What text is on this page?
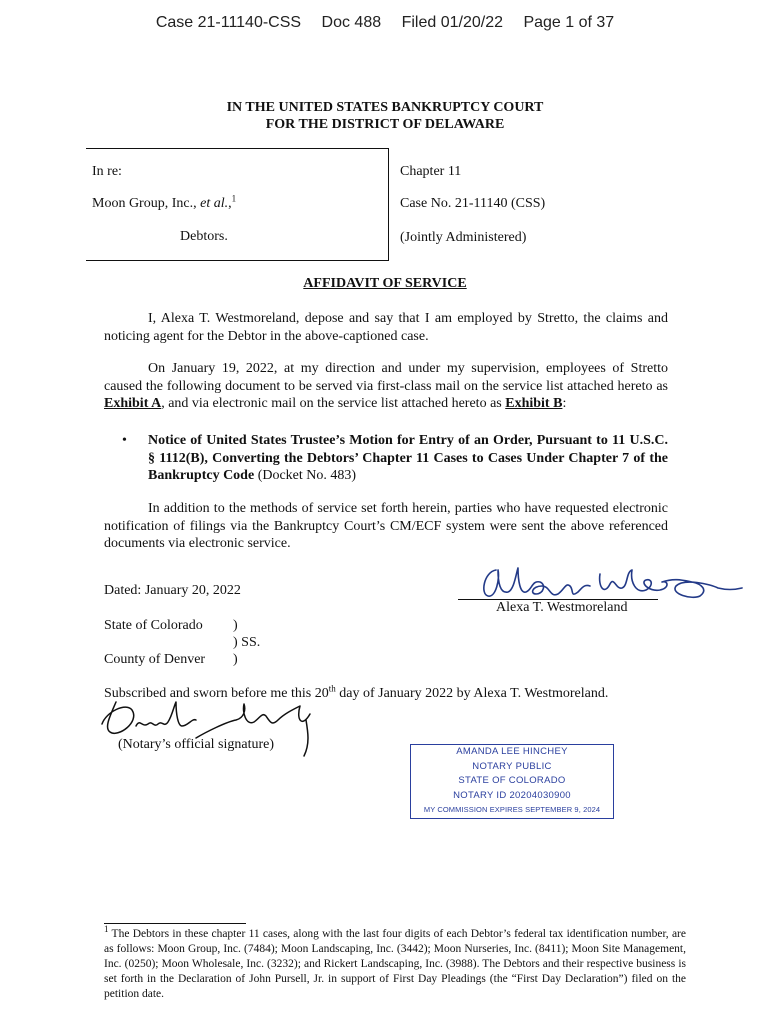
Case 21-11140-CSS Doc 488 Filed 01/20/22 Page 1 of 37
IN THE UNITED STATES BANKRUPTCY COURT
FOR THE DISTRICT OF DELAWARE
In re:
Moon Group, Inc., et al.,$^1$
Debtors.
Chapter 11
Case No. 21-11140 (CSS)
(Jointly Administered)
AFFIDAVIT OF SERVICE

I, Alexa T. Westmoreland, depose and say that I am employed by Stretto, the claims and noticing agent for the Debtor in the above-captioned case.

On January 19, 2022, at my direction and under my supervision, employees of Stretto caused the following document to be served via first-class mail on the service list attached hereto as Exhibit A, and via electronic mail on the service list attached hereto as Exhibit B:

• Notice of United States Trustee’s Motion for Entry of an Order, Pursuant to 11 U.S.C. § 1112(B), Converting the Debtors’ Chapter 11 Cases to Cases Under Chapter 7 of the Bankruptcy Code (Docket No. 483)

In addition to the methods of service set forth herein, parties who have requested electronic notification of filings via the Bankruptcy Court’s CM/ECF system were sent the above referenced documents via electronic service.

Dated: January 20, 2022
Alexa T. Westmoreland
State of Colorado )
) SS.
County of Denver )
Subscribed and sworn before me this 20th day of January 2022 by Alexa T. Westmoreland.
(Notary’s official signature)	AMANDA LEE HINCHEY
NOTARY PUBLIC
STATE OF COLORADO
NOTARY ID 20204030900
MY COMMISSION EXPIRES SEPTEMBER 9, 2024
$^1$ The Debtors in these chapter 11 cases, along with the last four digits of each Debtor’s federal tax identification number, are as follows: Moon Group, Inc. (7484); Moon Landscaping, Inc. (3442); Moon Nurseries, Inc. (8411); Moon Site Management, Inc. (0250); Moon Wholesale, Inc. (3232); and Rickert Landscaping, Inc. (3988). The Debtors and their respective business is set forth in the Declaration of John Pursell, Jr. in support of First Day Pleadings (the “First Day Declaration”) filed on the petition date.
